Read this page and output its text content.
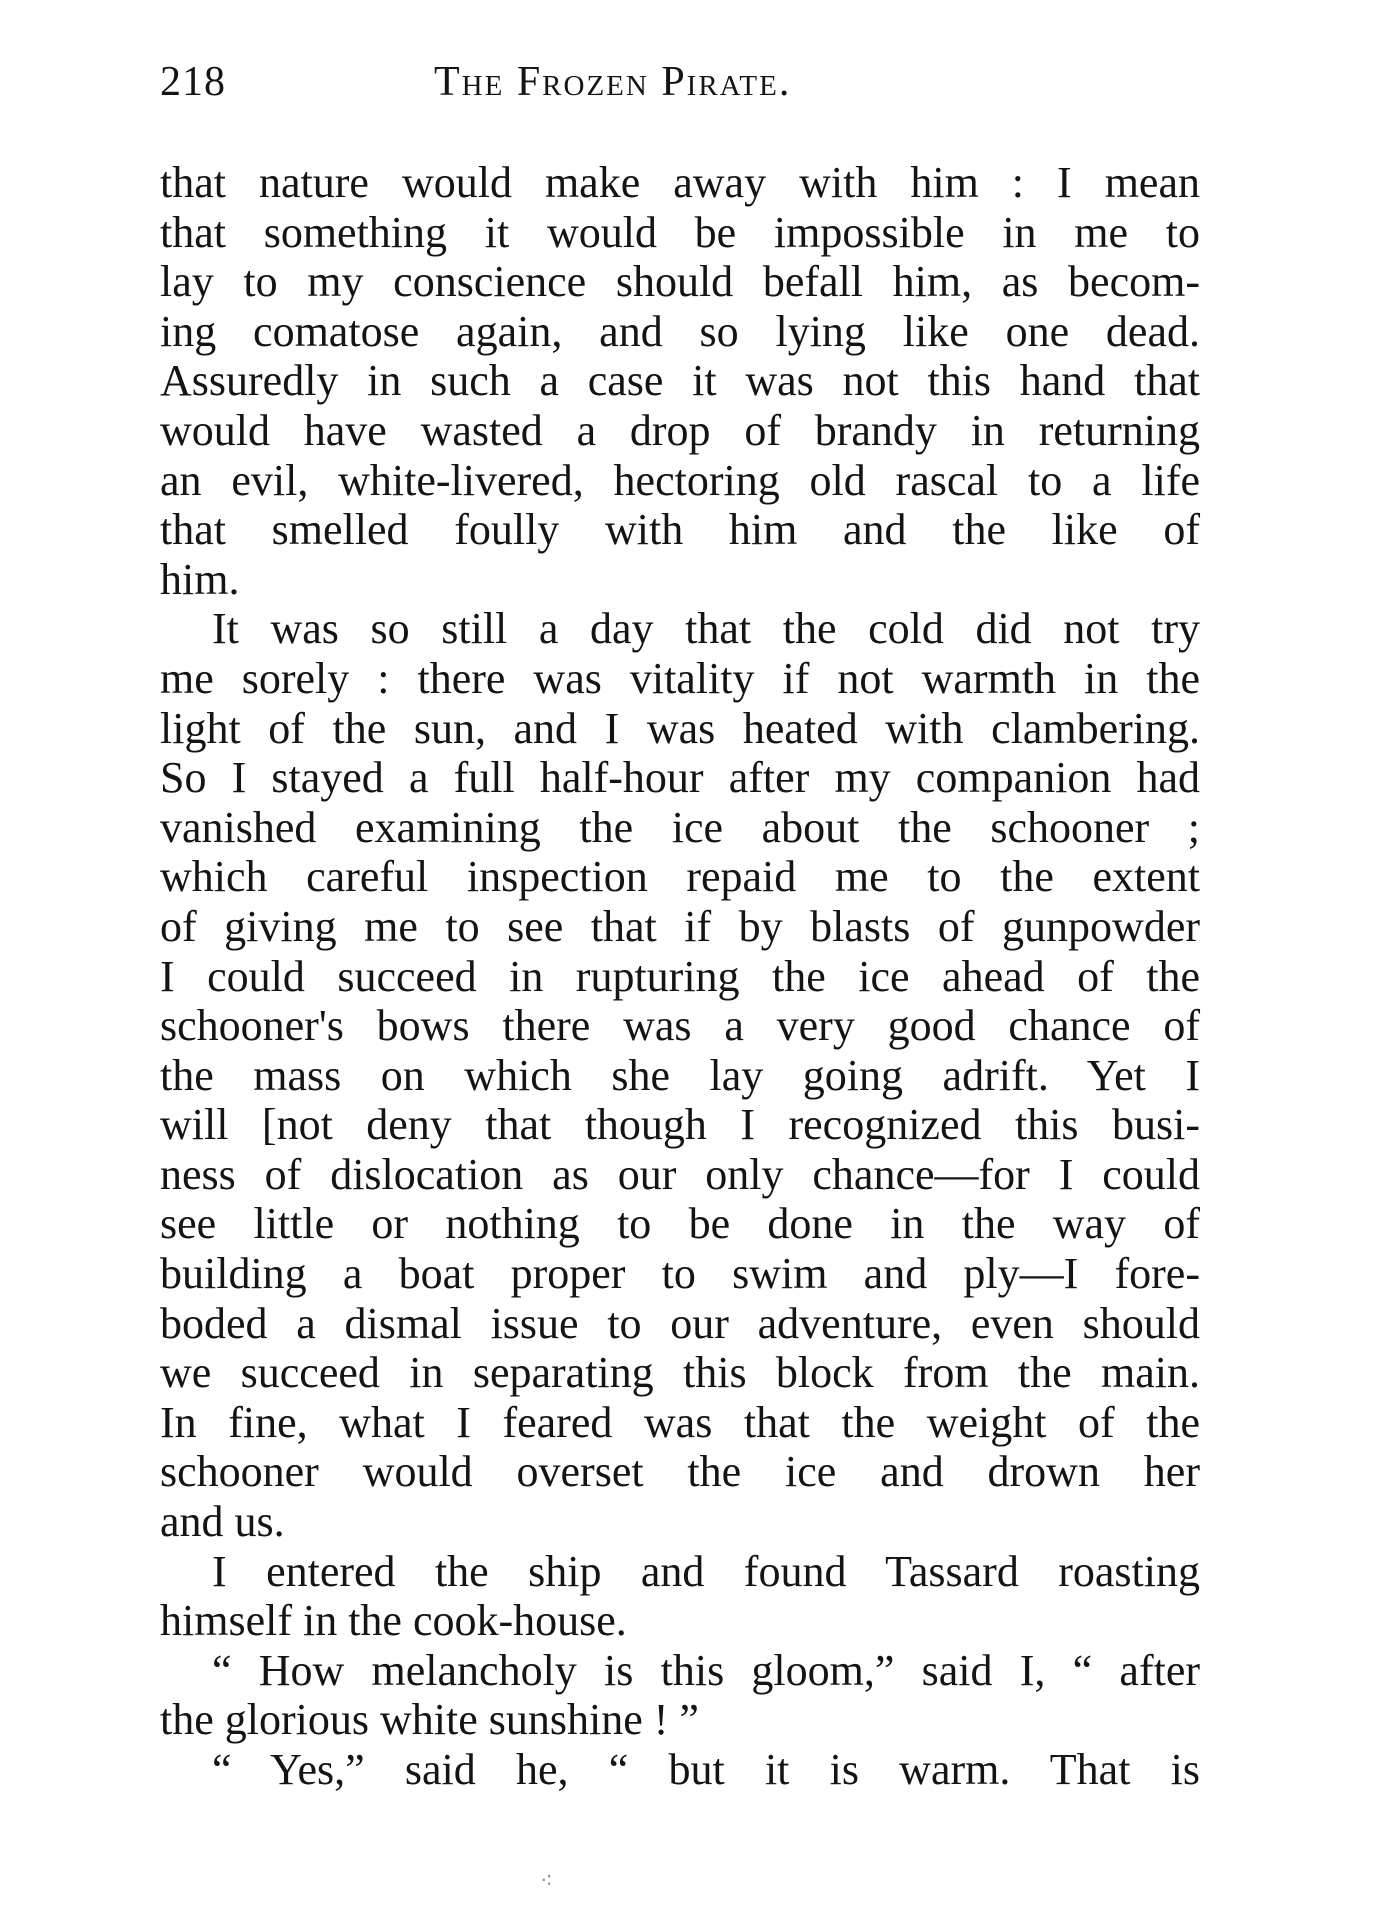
218	The Frozen Pirate.
that nature would make away with him : I mean
that something it would be impossible in me to
lay to my conscience should befall him, as becom-
ing comatose again, and so lying like one dead.
Assuredly in such a case it was not this hand that
would have wasted a drop of brandy in returning
an evil, white-livered, hectoring old rascal to a life
that smelled foully with him and the like of
him.
It was so still a day that the cold did not try
me sorely : there was vitality if not warmth in the
light of the sun, and I was heated with clambering.
So I stayed a full half-hour after my companion had
vanished examining the ice about the schooner ;
which careful inspection repaid me to the extent
of giving me to see that if by blasts of gunpowder
I could succeed in rupturing the ice ahead of the
schooner's bows there was a very good chance of
the mass on which she lay going adrift. Yet I
will [not deny that though I recognized this busi-
ness of dislocation as our only chance—for I could
see little or nothing to be done in the way of
building a boat proper to swim and ply—I fore-
boded a dismal issue to our adventure, even should
we succeed in separating this block from the main.
In fine, what I feared was that the weight of the
schooner would overset the ice and drown her
and us.
I entered the ship and found Tassard roasting
himself in the cook-house.
“ How melancholy is this gloom,” said I, “ after
the glorious white sunshine ! ”
“ Yes,” said he, “ but it is warm. That is
⁖
